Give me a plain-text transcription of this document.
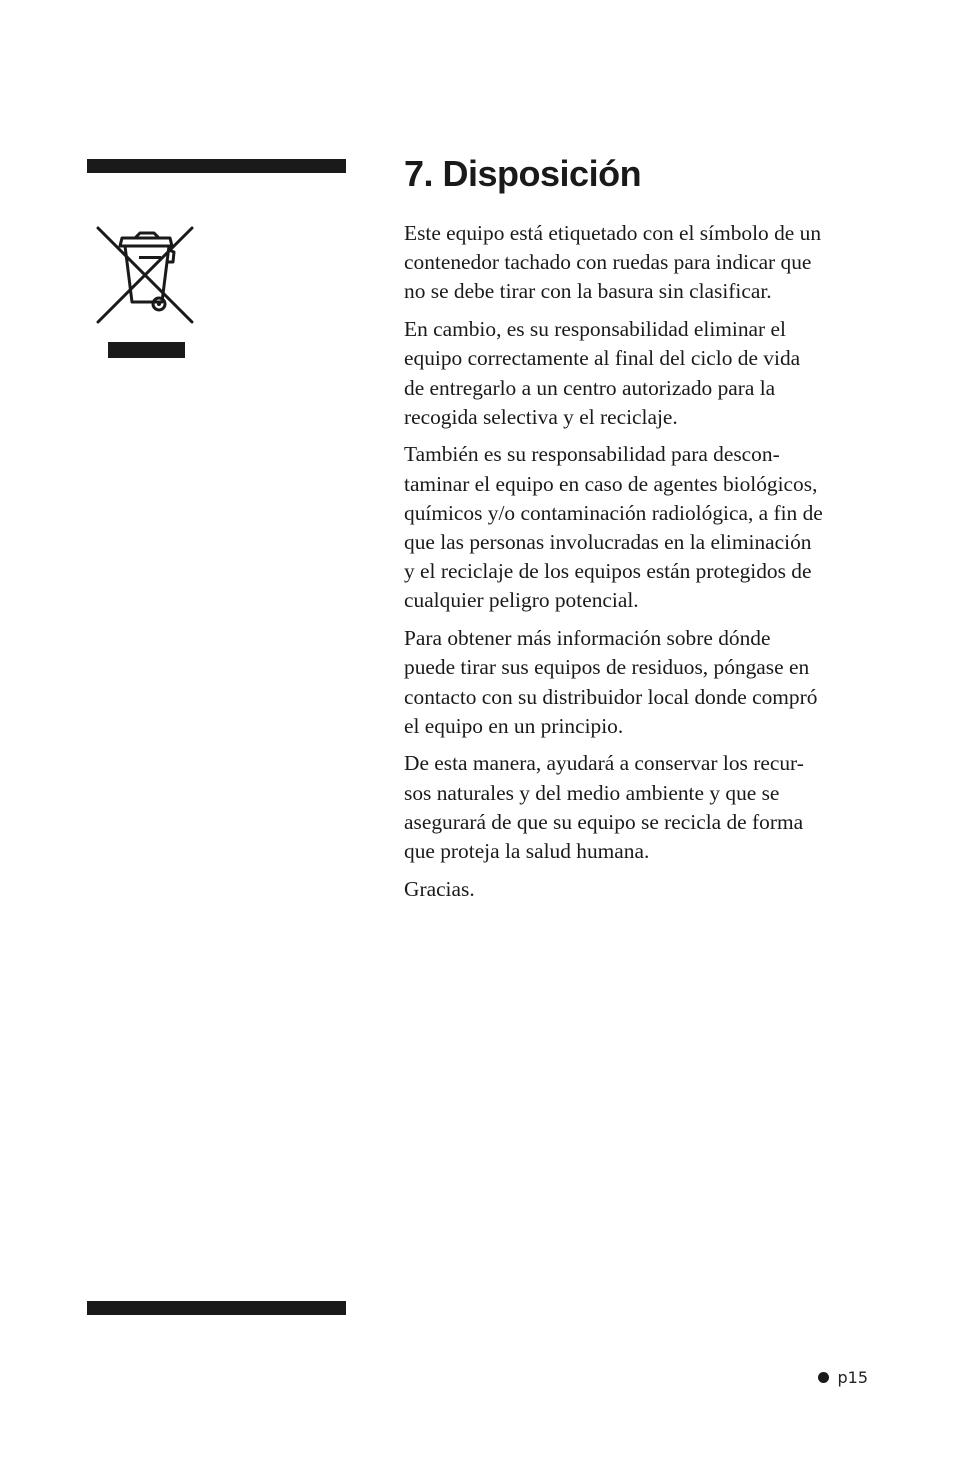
7. Disposición

Este equipo está etiquetado con el símbolo de un
contenedor tachado con ruedas para indicar que
no se debe tirar con la basura sin clasificar.

En cambio, es su responsabilidad eliminar el
equipo correctamente al final del ciclo de vida
de entregarlo a un centro autorizado para la
recogida selectiva y el reciclaje.

También es su responsabilidad para descon-
taminar el equipo en caso de agentes biológicos,
químicos y/o contaminación radiológica, a fin de
que las personas involucradas en la eliminación
y el reciclaje de los equipos están protegidos de
cualquier peligro potencial.

Para obtener más información sobre dónde
puede tirar sus equipos de residuos, póngase en
contacto con su distribuidor local donde compró
el equipo en un principio.

De esta manera, ayudará a conservar los recur-
sos naturales y del medio ambiente y que se
asegurará de que su equipo se recicla de forma
que proteja la salud humana.

Gracias.

p15
